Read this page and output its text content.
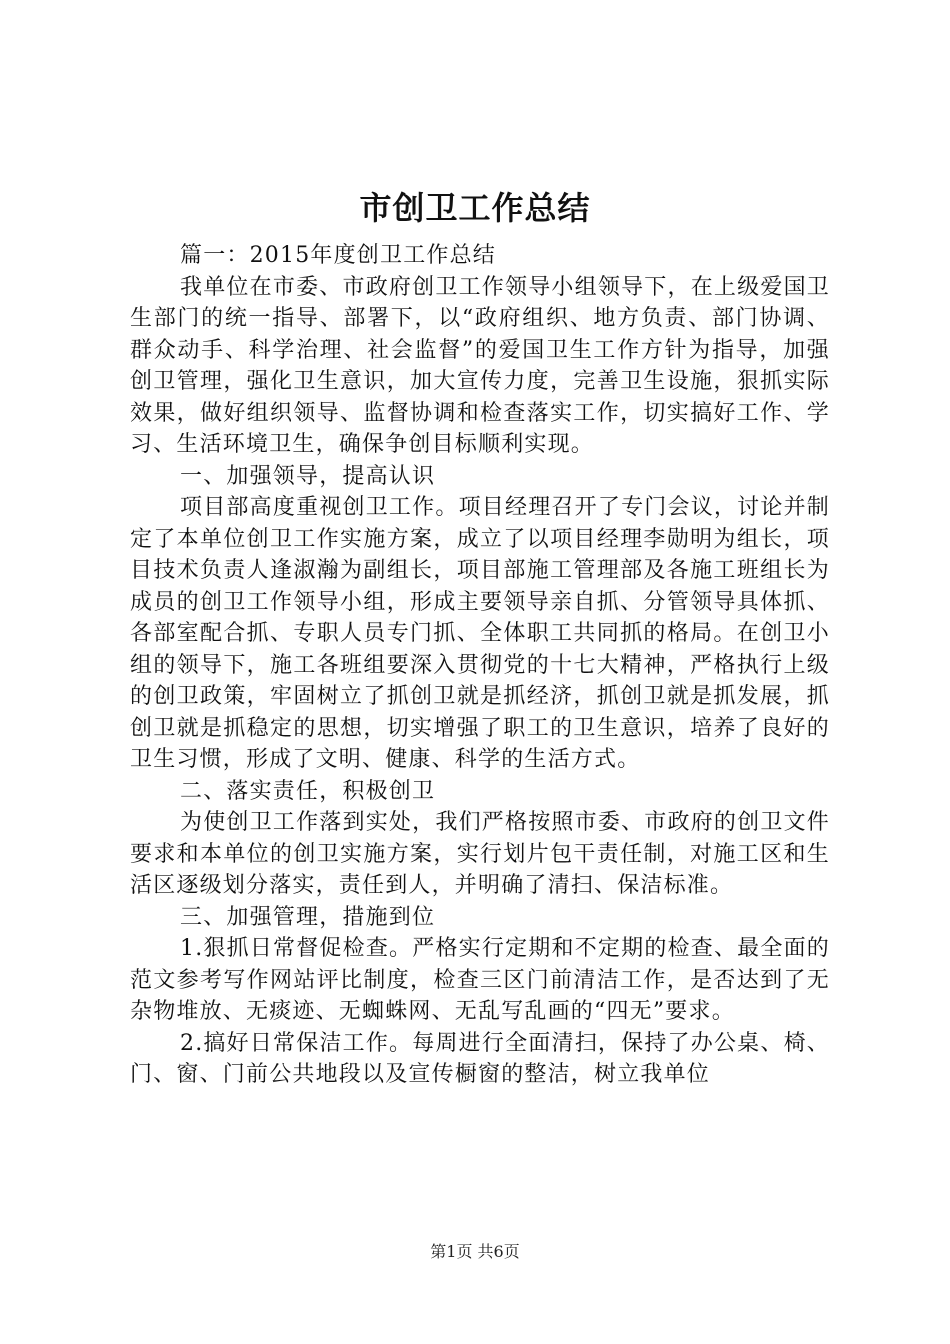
市创卫工作总结

篇一：2015年度创卫工作总结

我单位在市委、市政府创卫工作领导小组领导下，在上级爱国卫生部门的统一指导、部署下，以“政府组织、地方负责、部门协调、群众动手、科学治理、社会监督”的爱国卫生工作方针为指导，加强创卫管理，强化卫生意识，加大宣传力度，完善卫生设施，狠抓实际效果，做好组织领导、监督协调和检查落实工作，切实搞好工作、学习、生活环境卫生，确保争创目标顺利实现。

一、加强领导，提高认识

项目部高度重视创卫工作。项目经理召开了专门会议，讨论并制定了本单位创卫工作实施方案，成立了以项目经理李勋明为组长，项目技术负责人逢淑瀚为副组长，项目部施工管理部及各施工班组长为成员的创卫工作领导小组，形成主要领导亲自抓、分管领导具体抓、各部室配合抓、专职人员专门抓、全体职工共同抓的格局。在创卫小组的领导下，施工各班组要深入贯彻党的十七大精神，严格执行上级的创卫政策，牢固树立了抓创卫就是抓经济，抓创卫就是抓发展，抓创卫就是抓稳定的思想，切实增强了职工的卫生意识，培养了良好的卫生习惯，形成了文明、健康、科学的生活方式。

二、落实责任，积极创卫

为使创卫工作落到实处，我们严格按照市委、市政府的创卫文件要求和本单位的创卫实施方案，实行划片包干责任制，对施工区和生活区逐级划分落实，责任到人，并明确了清扫、保洁标准。

三、加强管理，措施到位

1.狠抓日常督促检查。严格实行定期和不定期的检查、最全面的范文参考写作网站评比制度，检查三区门前清洁工作，是否达到了无杂物堆放、无痰迹、无蜘蛛网、无乱写乱画的“四无”要求。

2.搞好日常保洁工作。每周进行全面清扫，保持了办公桌、椅、门、窗、门前公共地段以及宣传橱窗的整洁，树立我单位

第1页 共6页
